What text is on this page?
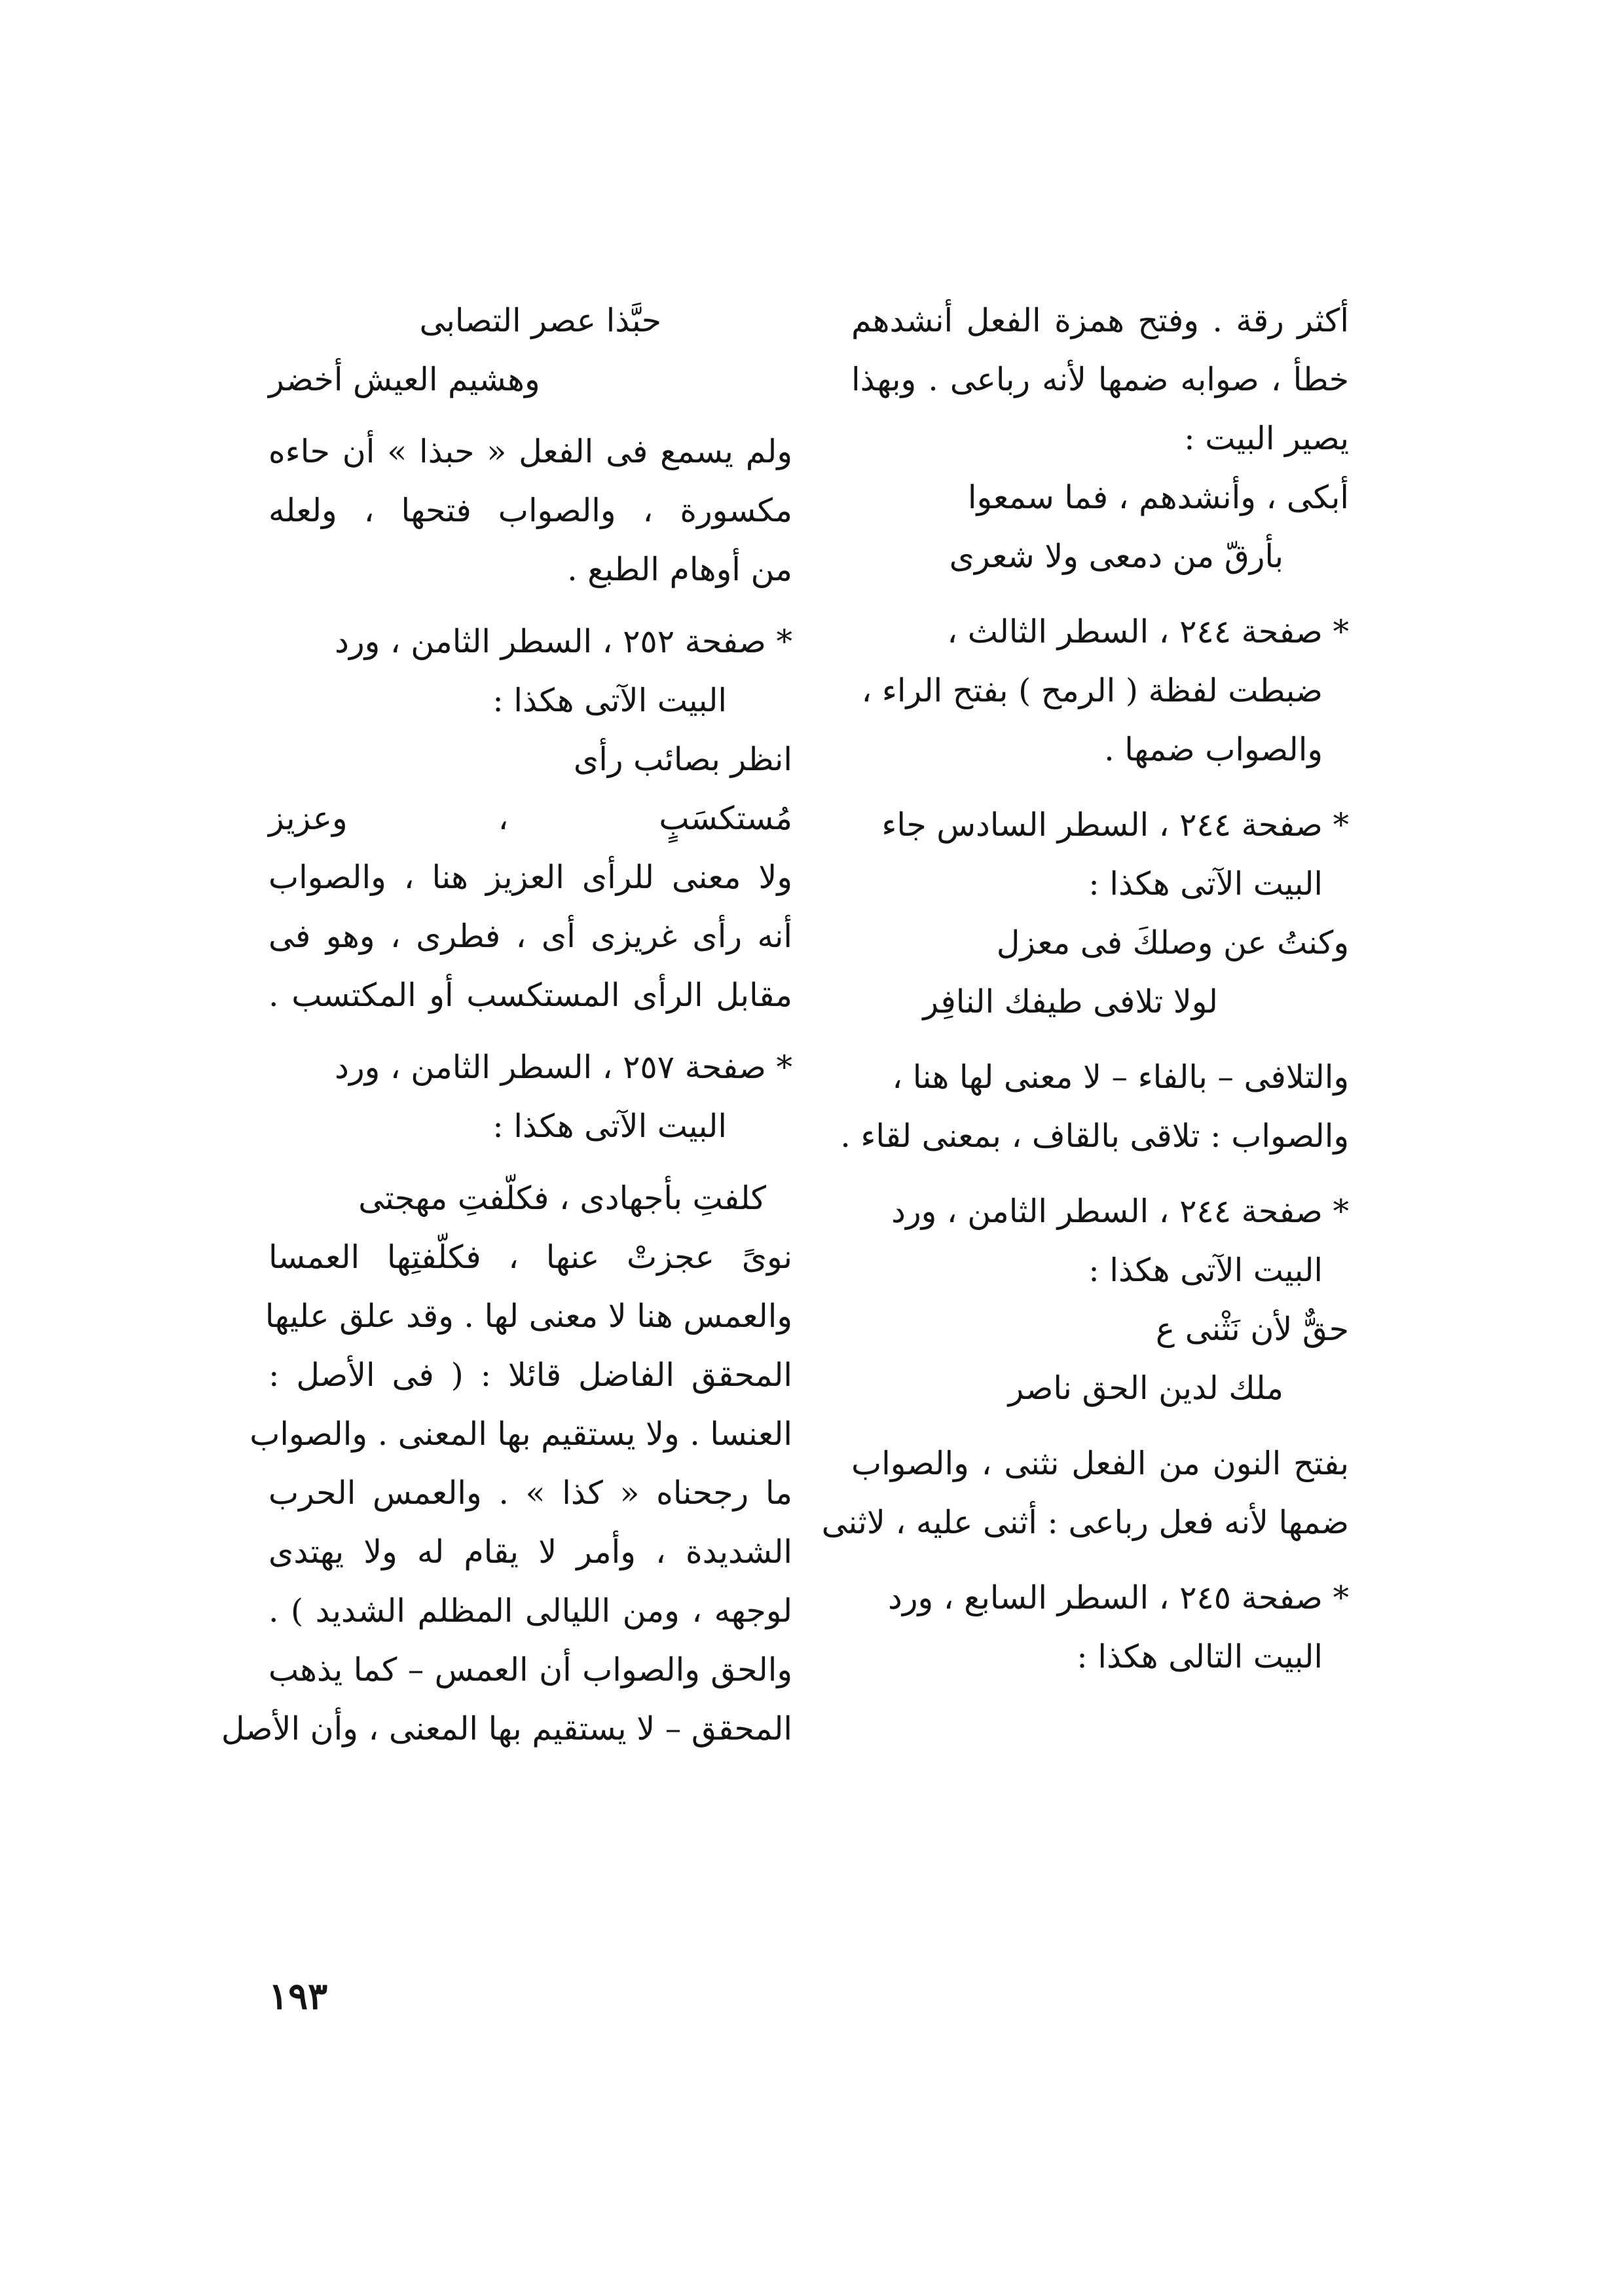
أكثر رقة . وفتح همزة الفعل أنشدهم
خطأ ، صوابه ضمها لأنه رباعى . وبهذا
يصير البيت :
أبكى ، وأنشدهم ، فما سمعوا
بأرقّ من دمعى ولا شعرى
* صفحة ٢٤٤ ، السطر الثالث ،
ضبطت لفظة ( الرمح ) بفتح الراء ،
والصواب ضمها .
* صفحة ٢٤٤ ، السطر السادس جاء
البيت الآتى هكذا :
وكنتُ عن وصلكَ فى معزل
لولا تلافى طيفك النافِر
والتلافى – بالفاء – لا معنى لها هنا ،
والصواب : تلاقى بالقاف ، بمعنى لقاء .
* صفحة ٢٤٤ ، السطر الثامن ، ورد
البيت الآتى هكذا :
حقٌّ لأن نَثْنى ع
ملك لدين الحق ناصر
بفتح النون من الفعل نثنى ، والصواب
ضمها لأنه فعل رباعى : أثنى عليه ، لاثنى
* صفحة ٢٤٥ ، السطر السابع ، ورد
البيت التالى هكذا :
حبَّذا عصر التصابى
وهشيم العيش أخضر
ولم يسمع فى الفعل « حبذا » أن حاءه
مكسورة ، والصواب فتحها ، ولعله
من أوهام الطبع .
* صفحة ٢٥٢ ، السطر الثامن ، ورد
البيت الآتى هكذا :
انظر بصائب رأى
مُستكسَبٍ ، وعزيز
ولا معنى للرأى العزيز هنا ، والصواب
أنه رأى غريزى أى ، فطرى ، وهو فى
مقابل الرأى المستكسب أو المكتسب .
* صفحة ٢٥٧ ، السطر الثامن ، ورد
البيت الآتى هكذا :
كلفتِ بأجهادى ، فكلّفتِ مهجتى
نوىً عجزتْ عنها ، فكلّفتِها العمسا
والعمس هنا لا معنى لها . وقد علق عليها
المحقق الفاضل قائلا : ( فى الأصل :
العنسا . ولا يستقيم بها المعنى . والصواب
ما رجحناه « كذا » . والعمس الحرب
الشديدة ، وأمر لا يقام له ولا يهتدى
لوجهه ، ومن الليالى المظلم الشديد ) .
والحق والصواب أن العمس – كما يذهب
المحقق – لا يستقيم بها المعنى ، وأن الأصل
١٩٣
